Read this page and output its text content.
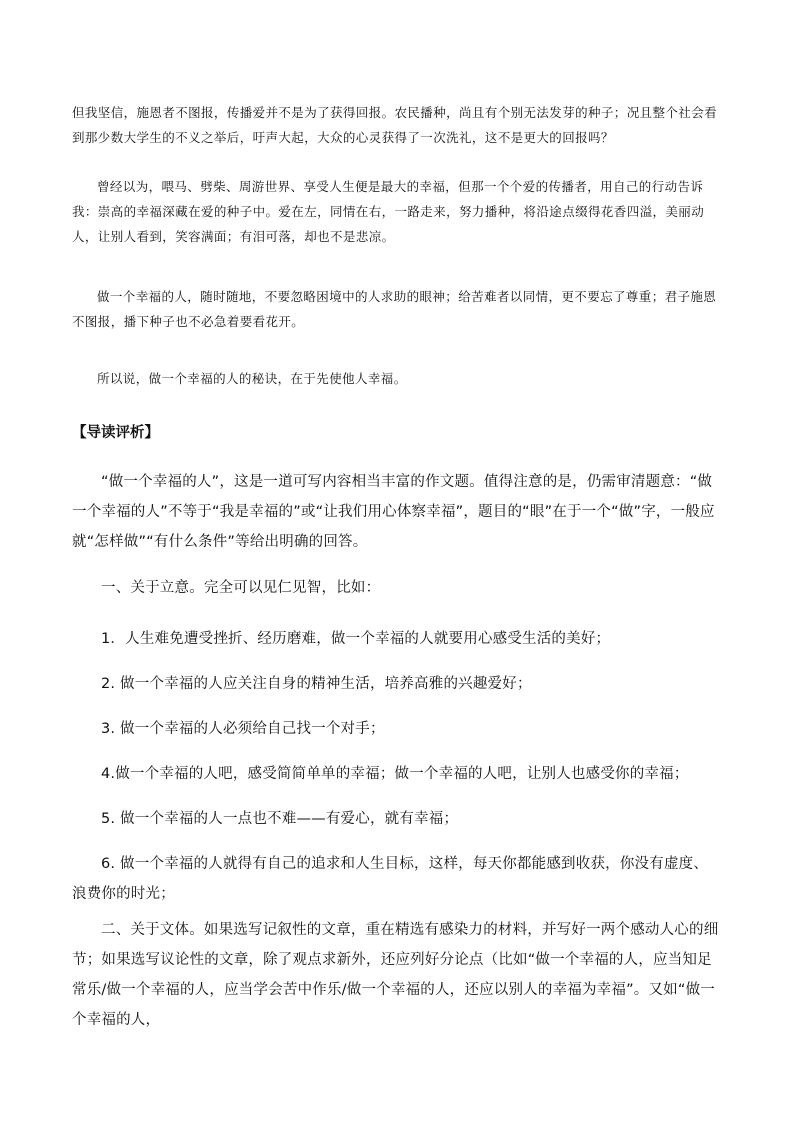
但我坚信，施恩者不图报，传播爱并不是为了获得回报。农民播种，尚且有个别无法发芽的种子；况且整个社会看到那少数大学生的不义之举后，吁声大起，大众的心灵获得了一次洗礼，这不是更大的回报吗？

曾经以为，喂马、劈柴、周游世界、享受人生便是最大的幸福，但那一个个爱的传播者，用自己的行动告诉我：崇高的幸福深藏在爱的种子中。爱在左，同情在右，一路走来，努力播种，将沿途点缀得花香四溢，美丽动人，让别人看到，笑容满面；有泪可落，却也不是悲凉。

做一个幸福的人，随时随地，不要忽略困境中的人求助的眼神；给苦难者以同情，更不要忘了尊重；君子施恩不图报，播下种子也不必急着要看花开。

所以说，做一个幸福的人的秘诀，在于先使他人幸福。

【导读评析】

“做一个幸福的人”，这是一道可写内容相当丰富的作文题。值得注意的是，仍需审清题意：“做一个幸福的人”不等于“我是幸福的”或“让我们用心体察幸福”，题目的“眼”在于一个“做”字，一般应就“怎样做”“有什么条件”等给出明确的回答。

一、关于立意。完全可以见仁见智，比如：

1．人生难免遭受挫折、经历磨难，做一个幸福的人就要用心感受生活的美好；

2. 做一个幸福的人应关注自身的精神生活，培养高雅的兴趣爱好；

3. 做一个幸福的人必须给自己找一个对手；

4.做一个幸福的人吧，感受简简单单的幸福；做一个幸福的人吧，让别人也感受你的幸福；

5. 做一个幸福的人一点也不难——有爱心，就有幸福；

6. 做一个幸福的人就得有自己的追求和人生目标，这样，每天你都能感到收获，你没有虚度、浪费你的时光；

二、关于文体。如果选写记叙性的文章，重在精选有感染力的材料，并写好一两个感动人心的细节；如果选写议论性的文章，除了观点求新外，还应列好分论点（比如“做一个幸福的人，应当知足常乐/做一个幸福的人，应当学会苦中作乐/做一个幸福的人，还应以别人的幸福为幸福”。又如“做一个幸福的人，
